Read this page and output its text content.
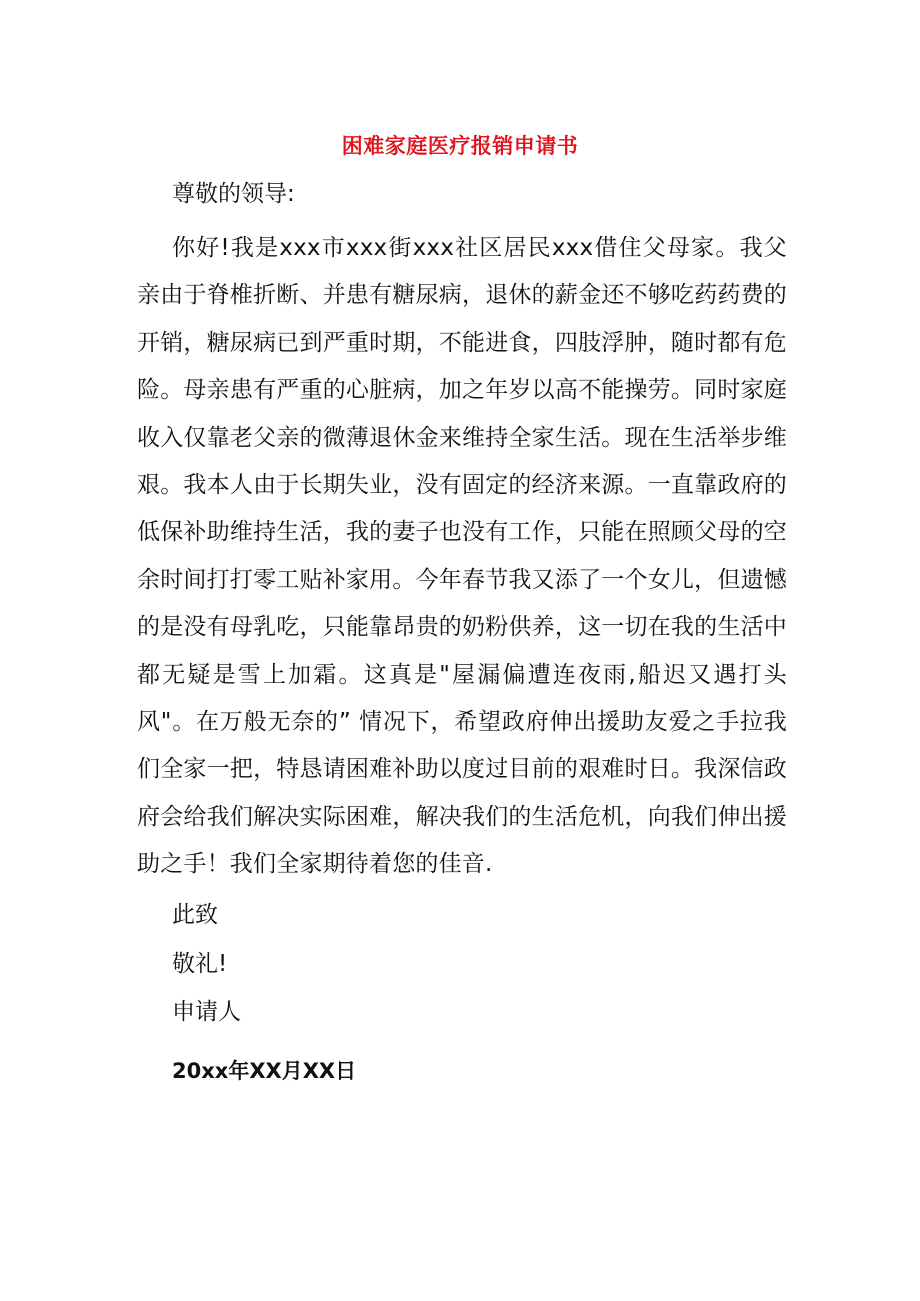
困难家庭医疗报销申请书
尊敬的领导:

你好!我是xxx市xxx街xxx社区居民xxx借住父母家。我父亲由于脊椎折断、并患有糖尿病，退休的薪金还不够吃药药费的开销，糖尿病已到严重时期，不能进食，四肢浮肿，随时都有危险。母亲患有严重的心脏病，加之年岁以高不能操劳。同时家庭收入仅靠老父亲的微薄退休金来维持全家生活。现在生活举步维艰。我本人由于长期失业，没有固定的经济来源。一直靠政府的低保补助维持生活，我的妻子也没有工作，只能在照顾父母的空余时间打打零工贴补家用。今年春节我又添了一个女儿，但遗憾的是没有母乳吃，只能靠昂贵的奶粉供养，这一切在我的生活中都无疑是雪上加霜。这真是"屋漏偏遭连夜雨,船迟又遇打头风"。在万般无奈的” 情况下，希望政府伸出援助友爱之手拉我们全家一把，特恳请困难补助以度过目前的艰难时日。我深信政府会给我们解决实际困难，解决我们的生活危机，向我们伸出援助之手！我们全家期待着您的佳音.

此致
敬礼!
申请人
20xx年XX月XX日
